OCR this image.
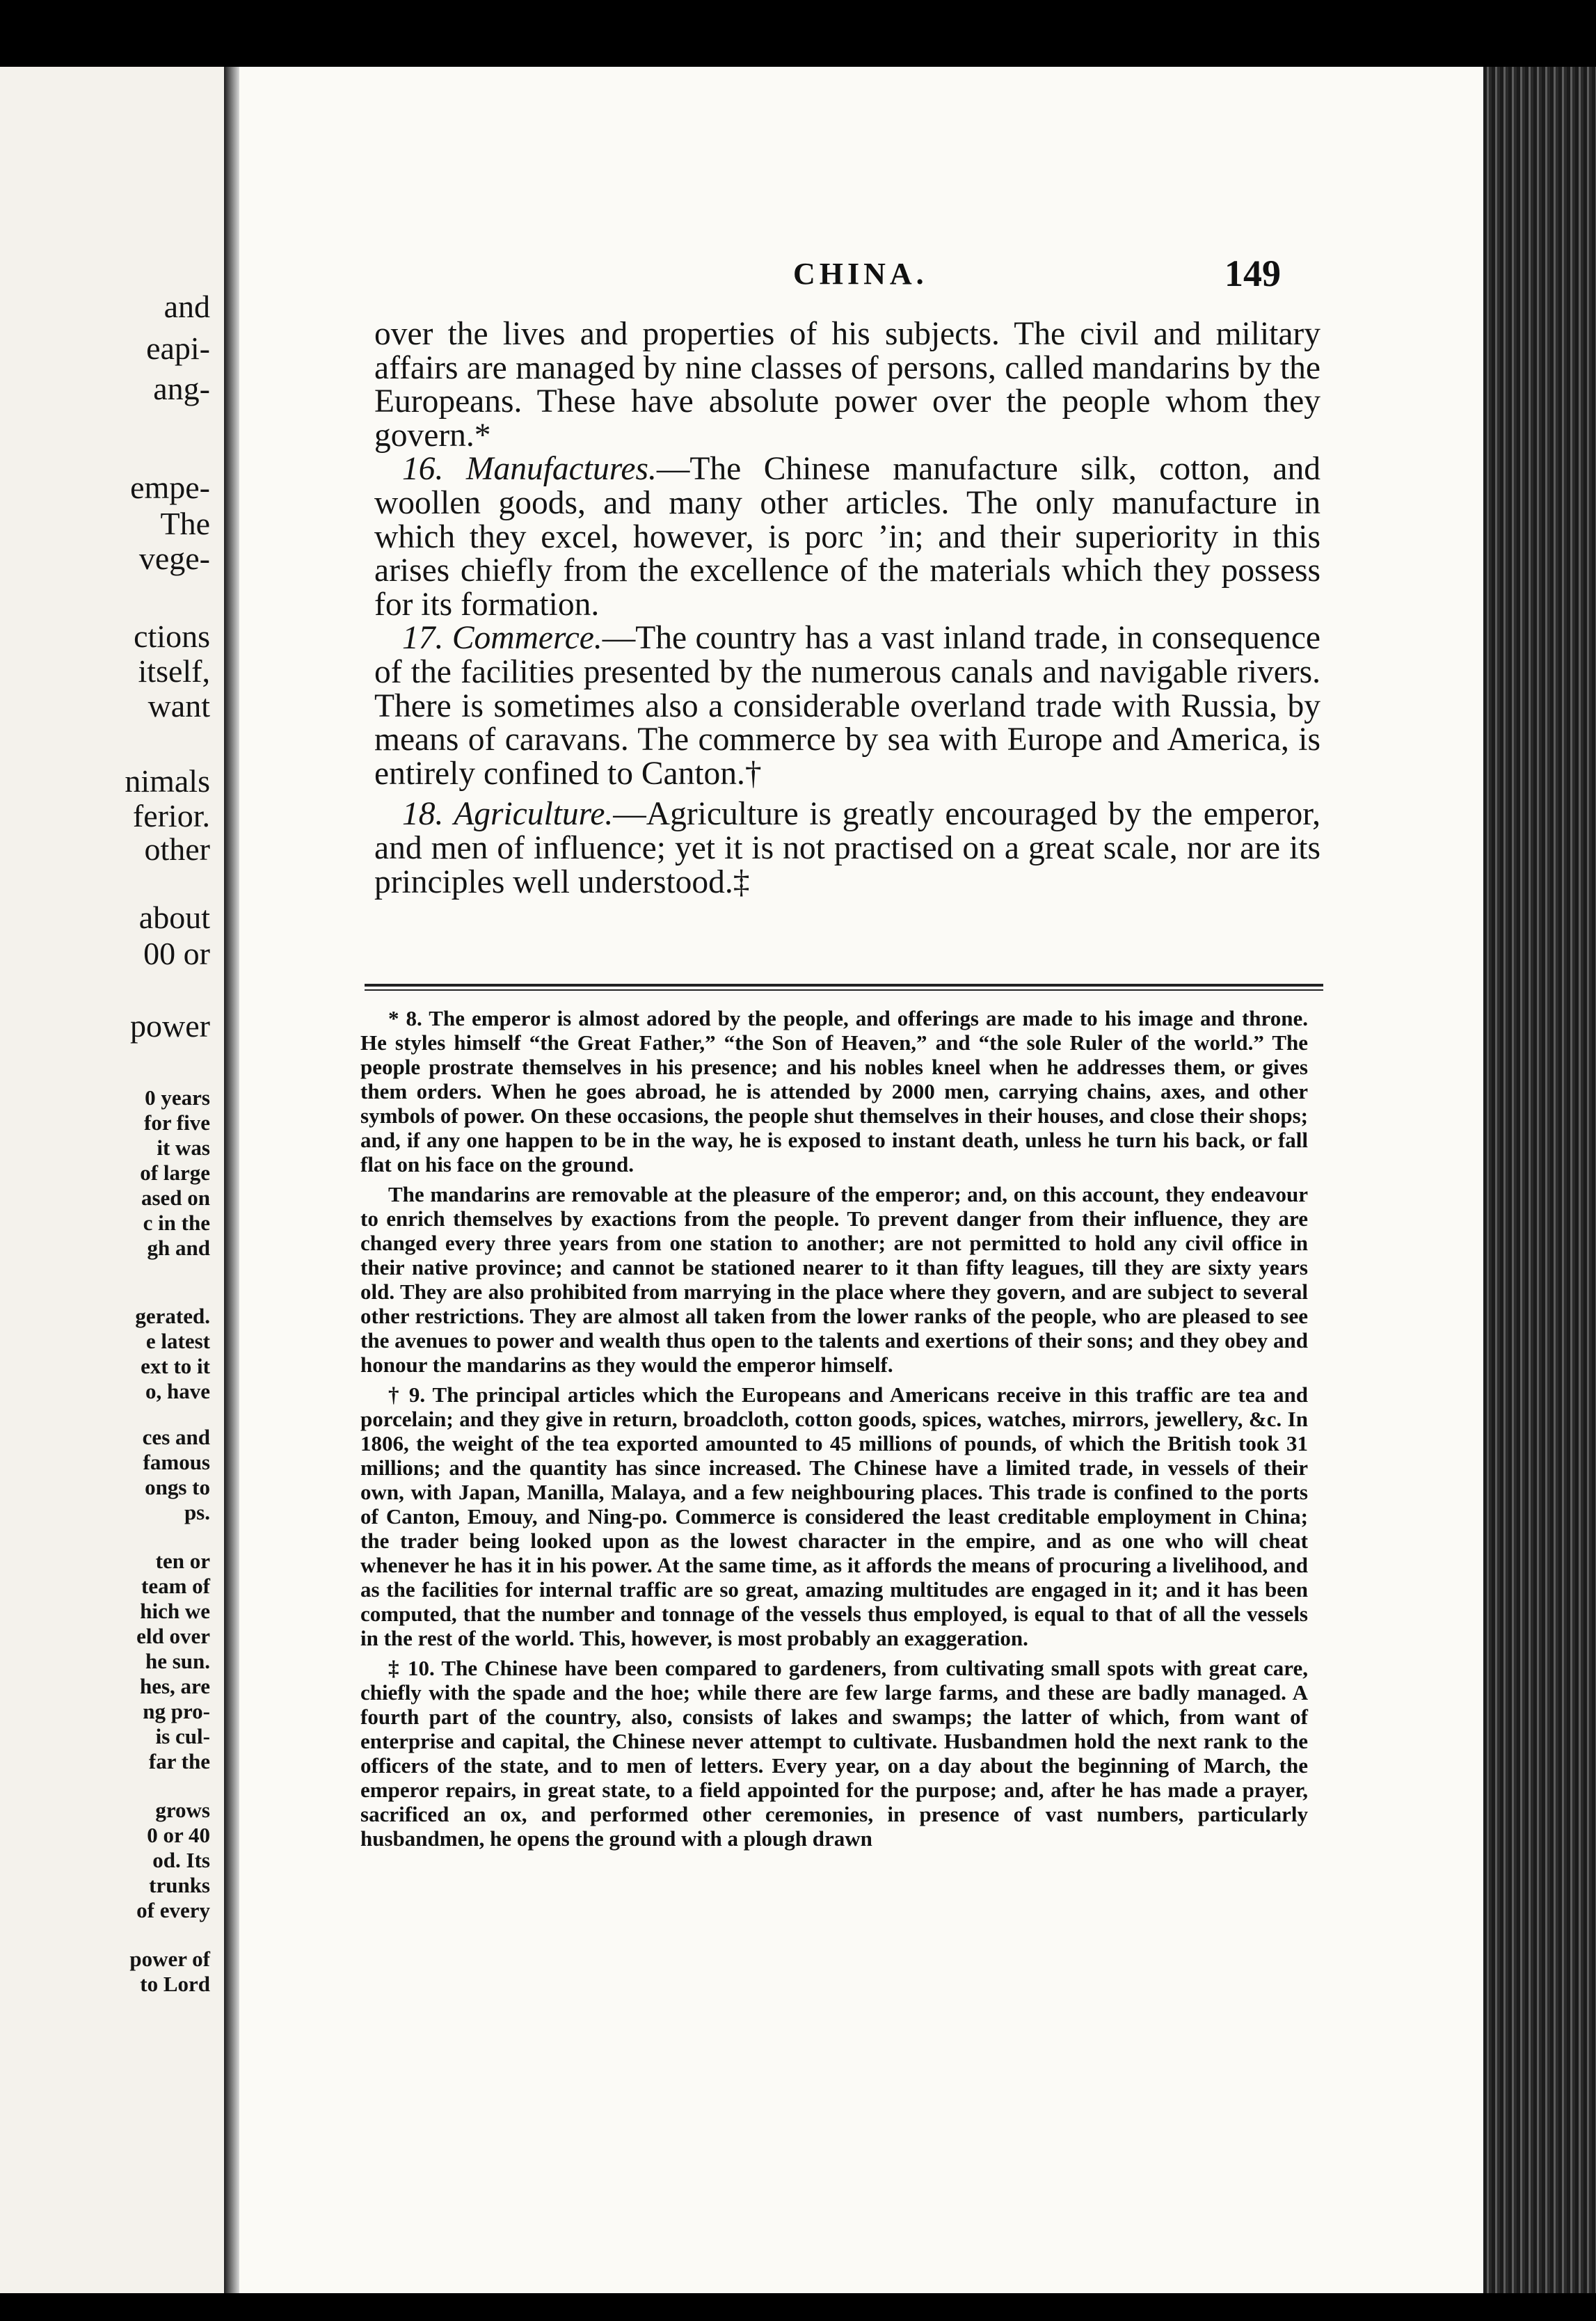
and
eapi-
ang-
empe-
The
vege-
ctions
itself,
want
nimals
ferior.
other
about
00 or
power
0 years
for five
it was
of large
ased on
c in the
gh and
gerated.
e latest
ext to it
o, have
ces and
famous
ongs to
ps.
ten or
team of
hich we
eld over
he sun.
hes, are
ng pro-
is cul-
far the
grows
0 or 40
od. Its
trunks
of every
power of
to Lord
CHINA.	149

over the lives and properties of his subjects. The civil and military affairs are managed by nine classes of persons, called mandarins by the Europeans. These have absolute power over the people whom they govern.*

16. Manufactures.—The Chinese manufacture silk, cotton, and woollen goods, and many other articles. The only manufacture in which they excel, however, is porc ’in; and their superiority in this arises chiefly from the excellence of the materials which they possess for its formation.

17. Commerce.—The country has a vast inland trade, in consequence of the facilities presented by the numerous canals and navigable rivers. There is sometimes also a considerable overland trade with Russia, by means of caravans. The commerce by sea with Europe and America, is entirely confined to Canton.†

18. Agriculture.—Agriculture is greatly encouraged by the emperor, and men of influence; yet it is not practised on a great scale, nor are its principles well understood.‡

* 8. The emperor is almost adored by the people, and offerings are made to his image and throne. He styles himself “the Great Father,” “the Son of Heaven,” and “the sole Ruler of the world.” The people prostrate themselves in his presence; and his nobles kneel when he addresses them, or gives them orders. When he goes abroad, he is attended by 2000 men, carrying chains, axes, and other symbols of power. On these occasions, the people shut themselves in their houses, and close their shops; and, if any one happen to be in the way, he is exposed to instant death, unless he turn his back, or fall flat on his face on the ground.

The mandarins are removable at the pleasure of the emperor; and, on this account, they endeavour to enrich themselves by exactions from the people. To prevent danger from their influence, they are changed every three years from one station to another; are not permitted to hold any civil office in their native province; and cannot be stationed nearer to it than fifty leagues, till they are sixty years old. They are also prohibited from marrying in the place where they govern, and are subject to several other restrictions. They are almost all taken from the lower ranks of the people, who are pleased to see the avenues to power and wealth thus open to the talents and exertions of their sons; and they obey and honour the mandarins as they would the emperor himself.

† 9. The principal articles which the Europeans and Americans receive in this traffic are tea and porcelain; and they give in return, broadcloth, cotton goods, spices, watches, mirrors, jewellery, &c. In 1806, the weight of the tea exported amounted to 45 millions of pounds, of which the British took 31 millions; and the quantity has since increased. The Chinese have a limited trade, in vessels of their own, with Japan, Manilla, Malaya, and a few neighbouring places. This trade is confined to the ports of Canton, Emouy, and Ning-po. Commerce is considered the least creditable employment in China; the trader being looked upon as the lowest character in the empire, and as one who will cheat whenever he has it in his power. At the same time, as it affords the means of procuring a livelihood, and as the facilities for internal traffic are so great, amazing multitudes are engaged in it; and it has been computed, that the number and tonnage of the vessels thus employed, is equal to that of all the vessels in the rest of the world. This, however, is most probably an exaggeration.

‡ 10. The Chinese have been compared to gardeners, from cultivating small spots with great care, chiefly with the spade and the hoe; while there are few large farms, and these are badly managed. A fourth part of the country, also, consists of lakes and swamps; the latter of which, from want of enterprise and capital, the Chinese never attempt to cultivate. Husbandmen hold the next rank to the officers of the state, and to men of letters. Every year, on a day about the beginning of March, the emperor repairs, in great state, to a field appointed for the purpose; and, after he has made a prayer, sacrificed an ox, and performed other ceremonies, in presence of vast numbers, particularly husbandmen, he opens the ground with a plough drawn
